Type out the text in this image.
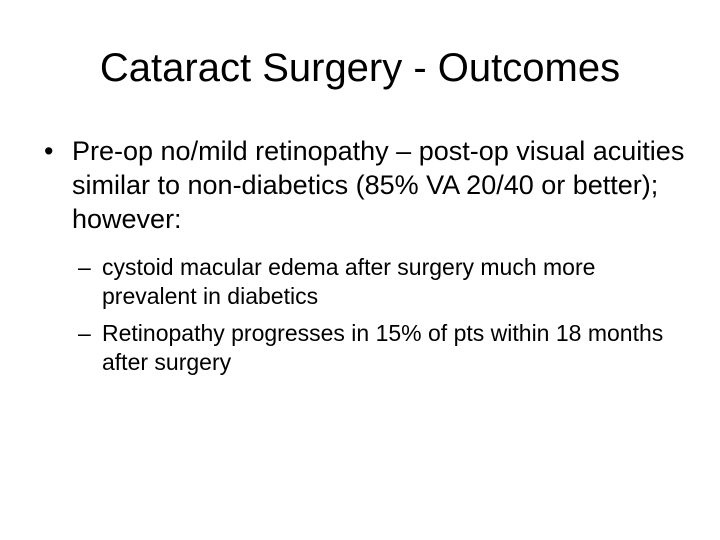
Cataract Surgery - Outcomes
• Pre-op no/mild retinopathy – post-op visual acuities similar to non-diabetics (85% VA 20/40 or better); however:
– cystoid macular edema after surgery much more prevalent in diabetics
– Retinopathy progresses in 15% of pts within 18 months after surgery
